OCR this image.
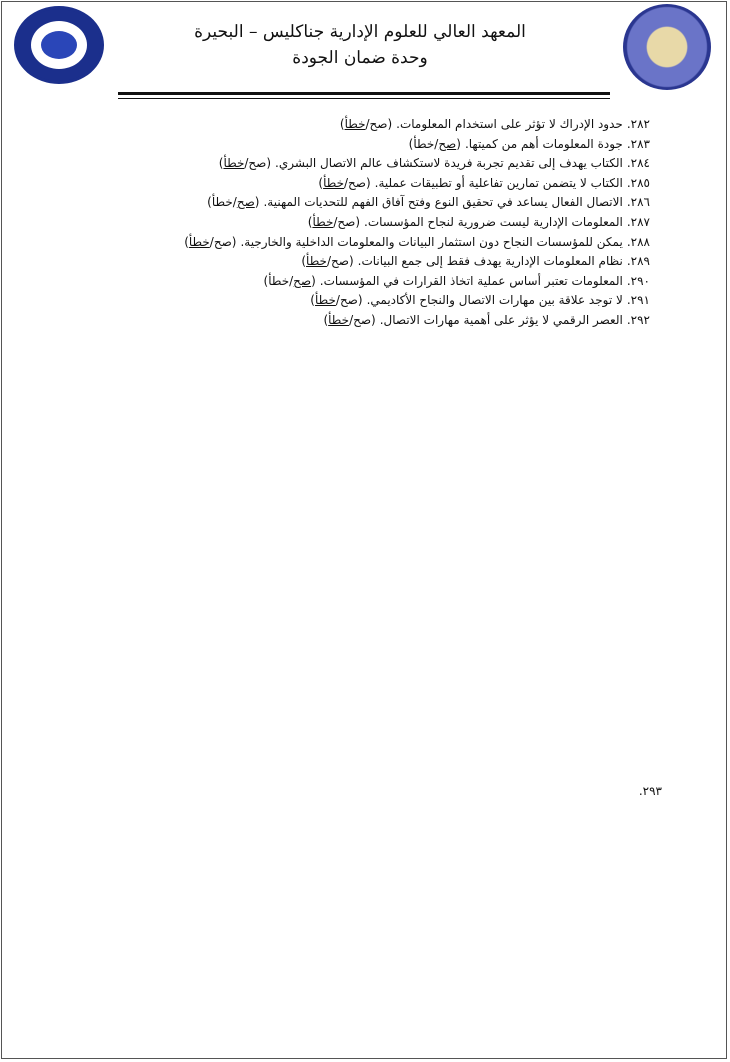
المعهد العالي للعلوم الإدارية جناكليس – البحيرة
وحدة ضمان الجودة
٢٨٢.حدود الإدراك لا تؤثر على استخدام المعلومات.(صح/خطأ)
٢٨٣.جودة المعلومات أهم من كميتها.(صح/خطأ)
٢٨٤.الكتاب يهدف إلى تقديم تجربة فريدة لاستكشاف عالم الاتصال البشري.(صح/خطأ)
٢٨٥.الكتاب لا يتضمن تمارين تفاعلية أو تطبيقات عملية.(صح/خطأ)
٢٨٦.الاتصال الفعال يساعد في تحقيق النوع وفتح آفاق الفهم للتحديات المهنية.(صح/خطأ)
٢٨٧.المعلومات الإدارية ليست ضرورية لنجاح المؤسسات.(صح/خطأ)
٢٨٨.يمكن للمؤسسات النجاح دون استثمار البيانات والمعلومات الداخلية والخارجية.(صح/خطأ)
٢٨٩.نظام المعلومات الإدارية يهدف فقط إلى جمع البيانات.(صح/خطأ)
٢٩٠.المعلومات تعتبر أساس عملية اتخاذ القرارات في المؤسسات.(صح/خطأ)
٢٩١.لا توجد علاقة بين مهارات الاتصال والنجاح الأكاديمي.(صح/خطأ)
٢٩٢.العصر الرقمي لا يؤثر على أهمية مهارات الاتصال.(صح/خطأ)
٢٩٣.
